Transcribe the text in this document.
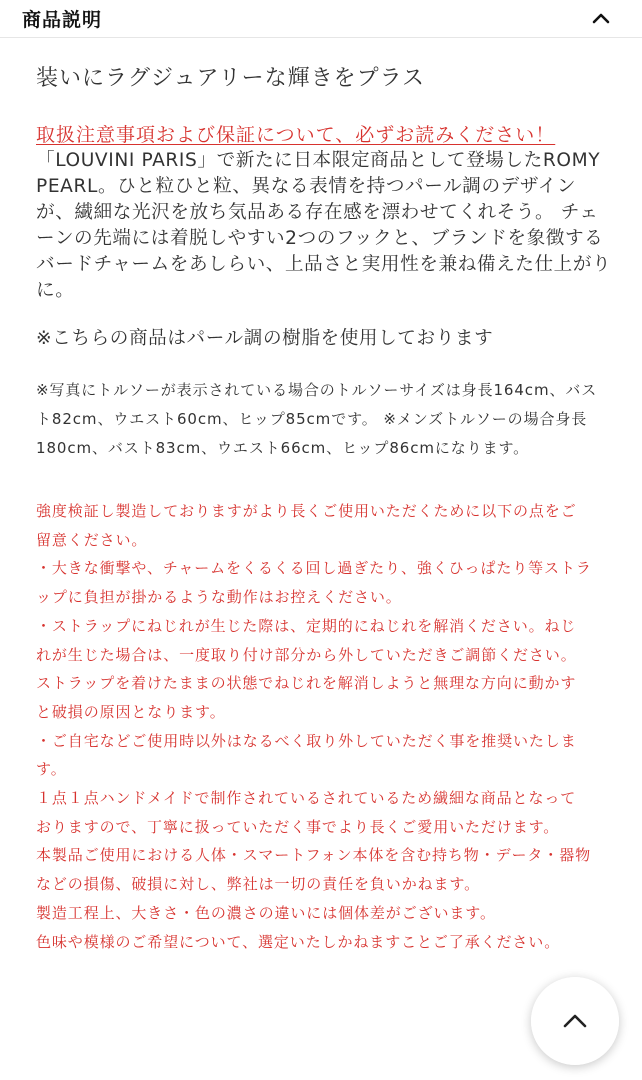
商品説明

装いにラグジュアリーな輝きをプラス

取扱注意事項および保証について、必ずお読みください！

「LOUVINI PARIS」で新たに日本限定商品として登場したROMY PEARL。ひと粒ひと粒、異なる表情を持つパール調のデザインが、繊細な光沢を放ち気品ある存在感を漂わせてくれそう。 チェーンの先端には着脱しやすい2つのフックと、ブランドを象徴するバードチャームをあしらい、上品さと実用性を兼ね備えた仕上がりに。

※こちらの商品はパール調の樹脂を使用しております

※写真にトルソーが表示されている場合のトルソーサイズは身長164cm、バスト82cm、ウエスト60cm、ヒップ85cmです。 ※メンズトルソーの場合身長180cm、バスト83cm、ウエスト66cm、ヒップ86cmになります。

強度検証し製造しておりますがより長くご使用いただくために以下の点をご留意ください。

・大きな衝撃や、チャームをくるくる回し過ぎたり、強くひっぱたり等ストラップに負担が掛かるような動作はお控えください。

・ストラップにねじれが生じた際は、定期的にねじれを解消ください。ねじれが生じた場合は、一度取り付け部分から外していただきご調節ください。ストラップを着けたままの状態でねじれを解消しようと無理な方向に動かすと破損の原因となります。

・ご自宅などご使用時以外はなるべく取り外していただく事を推奨いたします。

１点１点ハンドメイドで制作されているされているため繊細な商品となっておりますので、丁寧に扱っていただく事でより長くご愛用いただけます。

本製品ご使用における人体・スマートフォン本体を含む持ち物・データ・器物などの損傷、破損に対し、弊社は一切の責任を負いかねます。

製造工程上、大きさ・色の濃さの違いには個体差がございます。

色味や模様のご希望について、選定いたしかねますことご了承ください。
